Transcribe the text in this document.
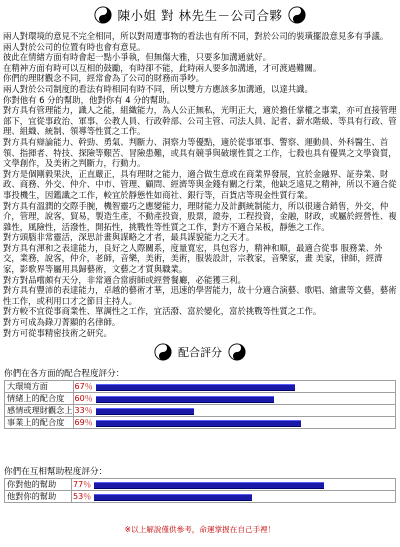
陳小姐 對 林先生－公司合夥

兩人對環境的意見不完全相同，所以對周遭事物的看法也有所不同，對於公司的裝璜擺設意見多有爭議。

兩人對於公司的位置有時也會有意見。

彼此在情緒方面有時會起一點小爭執，但無傷大雅，只要多加溝通就好。

在精神方面有時可以互相的鼓勵，有時卻不能，此時兩人要多加溝通，才可渡過難關。

你們的理財觀念不同，經常會為了公司的財務而爭吵。

兩人對於公司制度的看法有時相同有時不同，所以雙方方應該多加溝通，以達共識。

你對他有 6 分的幫助，他對你有 4 分的幫助。

對方具有管理能力，識人之能，組織能力，為人公正無私，光明正大，適於擔任掌權之事業，亦可直接管理部下，宜從事政治、軍事、公教人員、行政幹部、公司主管、司法人員、記者、薪水階級、等具有行政、管理、組織、統制、領導等性質之工作。

對方具有辯論能力、幹勁、勇氣、判斷力、洞察力等優點，適於從事軍事、警察、運動員、外科醫生、首領、指揮者、特技、探險等艱苦、冒險患難，或具有競爭與破壞性質之工作，七殺也具有優異之文學資質，文學創作，及美術之判斷力，行動力。

對方是個剛毅果決，正直嚴正，具有理財之能力，適合做生意或在商業界發展，宜於金融界、証券業、財政、商務、外交、仲介、中市、管理、顧問、經濟等與金錢有關之行業，他缺乏遠見之精神，所以不適合從事投機生，因鑑識之工作，較宜於靜態性如商社、銀行等，百貨店等現金性質行業。

對方具有溫潤的交際手腕，機智靈巧之應變能力，理財能力及計劃統制能力，所以很適合銷售，外交，仲介，管理，說客，貿易，製造生產，不動產投資，股票，證券，工程投資，金融，財政，或屬於經營性、複雜性，風險性，活潑性，開拓性，挑戰性等性質之工作，對方不適合呆板，靜態之工作。

對方頭腦非常靈活，深思計畫與謀略之才者，最具謀貌能力之天才。

對方具有渾和之表達能力，良好之人際關系，度量寬宏，具包容力，精神和順，最適合從事 服務業、外交，業務，說客，仲介，老師，音樂，美術，美術，服裝設計，宗教家，音樂家，畫 美家，律師，經濟家，影歌界等屬用具歸藝術，文藝之才質與職業。

對方對品嚐頗有天分，非常適合當廚師或經營餐廳，必能獲三利。

對方具有豐沛的表達能力，卓越的藝術才華，迅速的學習能力，故十分適合演藝、歌唱、繪畫等文藝，藝術性工作，或利用口才之節目主持人。

對方較不宜從事商業性、單調性之工作，宜活潑、富於變化，富於挑戰等性質之工作。

對方可成為錄刀菁顯的名律師。

對方可從事精密技術之研究。

配合評分
你們在各方面的配合程度評分：
大環境方面	67％

情緒上的配合度	60％

感情或理財觀念上	33％

事業上的配合度	69％
你們在互相幫助程度評分：
你對他的幫助	77％

他對你的幫助	53％
※以上解說僅供參考，命運掌握在自己手裡！
